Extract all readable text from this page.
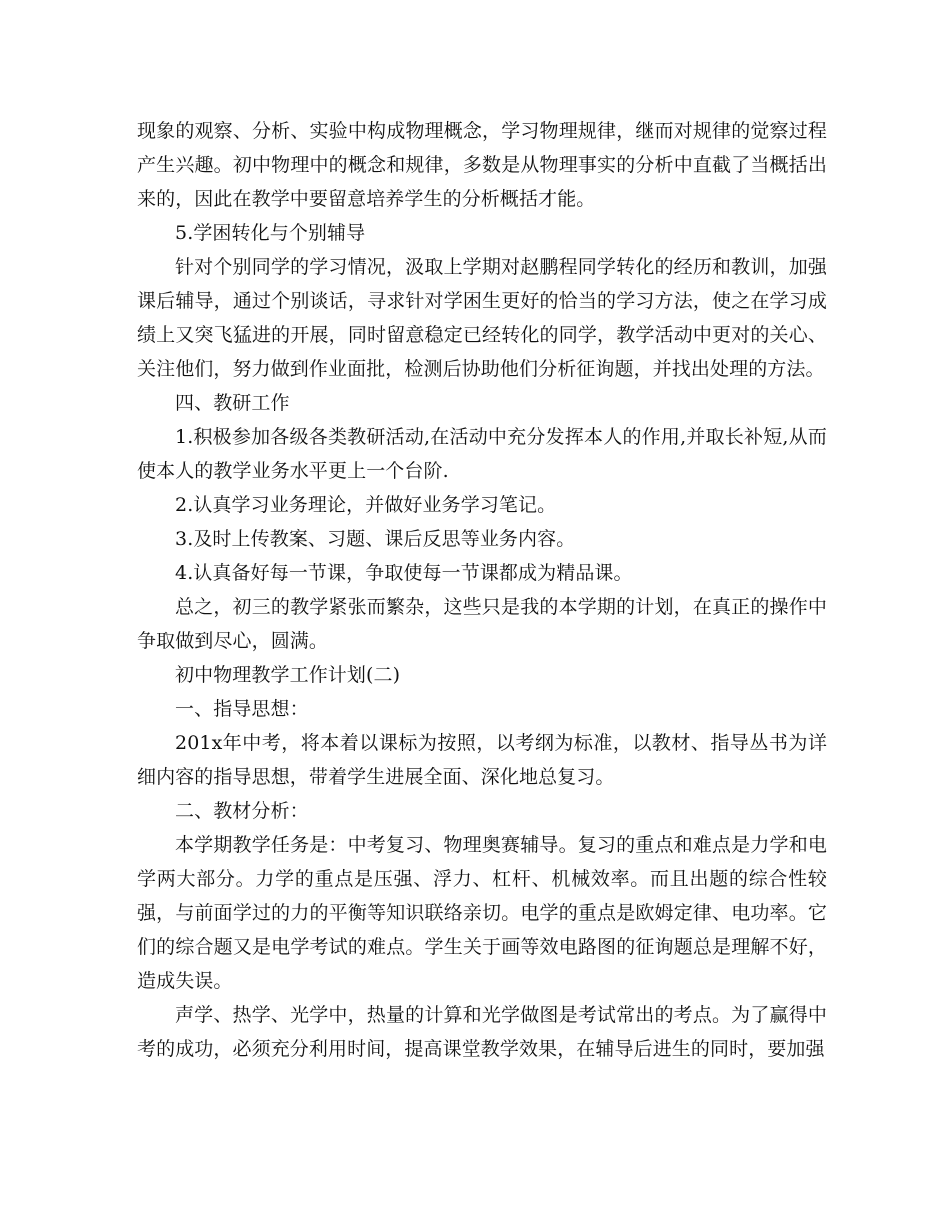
现象的观察、分析、实验中构成物理概念，学习物理规律，继而对规律的觉察过程产生兴趣。初中物理中的概念和规律，多数是从物理事实的分析中直截了当概括出来的，因此在教学中要留意培养学生的分析概括才能。

5.学困转化与个别辅导

针对个别同学的学习情况，汲取上学期对赵鹏程同学转化的经历和教训，加强课后辅导，通过个别谈话，寻求针对学困生更好的恰当的学习方法，使之在学习成绩上又突飞猛进的开展，同时留意稳定已经转化的同学，教学活动中更对的关心、关注他们，努力做到作业面批，检测后协助他们分析征询题，并找出处理的方法。

四、教研工作

1.积极参加各级各类教研活动,在活动中充分发挥本人的作用,并取长补短,从而使本人的教学业务水平更上一个台阶.

2.认真学习业务理论，并做好业务学习笔记。

3.及时上传教案、习题、课后反思等业务内容。

4.认真备好每一节课，争取使每一节课都成为精品课。

总之，初三的教学紧张而繁杂，这些只是我的本学期的计划，在真正的操作中争取做到尽心，圆满。

初中物理教学工作计划(二)

一、指导思想：

201x年中考，将本着以课标为按照，以考纲为标准，以教材、指导丛书为详细内容的指导思想，带着学生进展全面、深化地总复习。

二、教材分析：

本学期教学任务是：中考复习、物理奥赛辅导。复习的重点和难点是力学和电学两大部分。力学的重点是压强、浮力、杠杆、机械效率。而且出题的综合性较强，与前面学过的力的平衡等知识联络亲切。电学的重点是欧姆定律、电功率。它们的综合题又是电学考试的难点。学生关于画等效电路图的征询题总是理解不好，造成失误。

声学、热学、光学中，热量的计算和光学做图是考试常出的考点。为了赢得中考的成功，必须充分利用时间，提高课堂教学效果，在辅导后进生的同时，要加强
